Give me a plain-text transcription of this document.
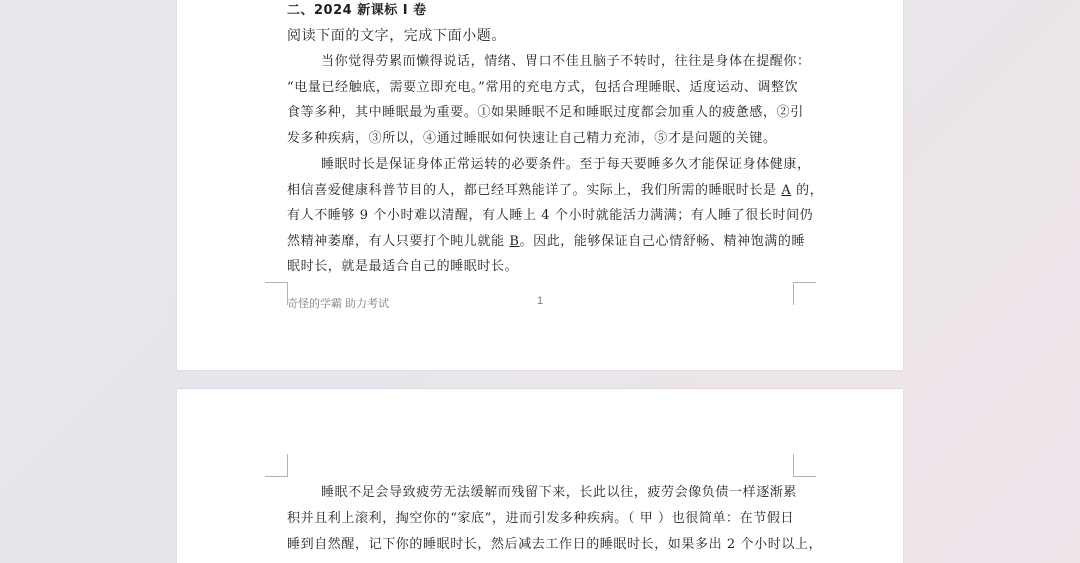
二、2024 新课标 I 卷
阅读下面的文字，完成下面小题。
当你觉得劳累而懒得说话，情绪、胃口不佳且脑子不转时，往往是身体在提醒你：
“电量已经触底，需要立即充电。”常用的充电方式，包括合理睡眠、适度运动、调整饮
食等多种，其中睡眠最为重要。①如果睡眠不足和睡眠过度都会加重人的疲惫感，②引
发多种疾病，③所以，④通过睡眠如何快速让自己精力充沛，⑤才是问题的关键。
睡眠时长是保证身体正常运转的必要条件。至于每天要睡多久才能保证身体健康，
相信喜爱健康科普节目的人，都已经耳熟能详了。实际上，我们所需的睡眠时长是 A 的，
有人不睡够 9 个小时难以清醒，有人睡上 4 个小时就能活力满满；有人睡了很长时间仍
然精神萎靡，有人只要打个盹儿就能 B。因此，能够保证自己心情舒畅、精神饱满的睡
眠时长，就是最适合自己的睡眠时长。
奇怪的学霸 助力考试	1
睡眠不足会导致疲劳无法缓解而残留下来，长此以往，疲劳会像负债一样逐渐累
积并且利上滚利，掏空你的“家底”，进而引发多种疾病。（ 甲 ）也很简单：在节假日
睡到自然醒，记下你的睡眠时长，然后减去工作日的睡眠时长，如果多出 2 个小时以上，
